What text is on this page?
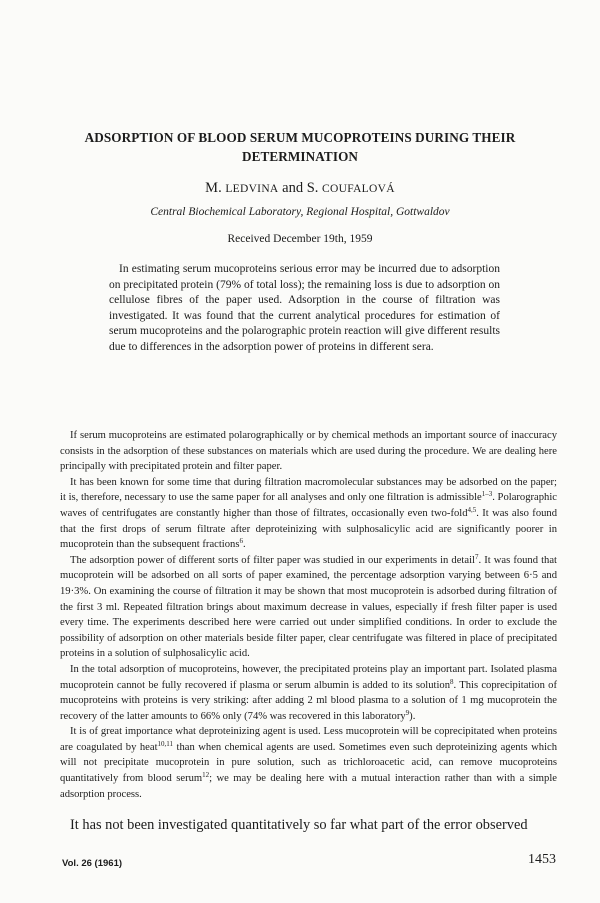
ADSORPTION OF BLOOD SERUM MUCOPROTEINS DURING THEIR DETERMINATION
M. LEDVINA and S. COUFALOVÁ
Central Biochemical Laboratory, Regional Hospital, Gottwaldov
Received December 19th, 1959

In estimating serum mucoproteins serious error may be incurred due to adsorption on precipitated protein (79% of total loss); the remaining loss is due to adsorption on cellulose fibres of the paper used. Adsorption in the course of filtration was investigated. It was found that the current analytical procedures for estimation of serum mucoproteins and the polarographic protein reaction will give different results due to differences in the adsorption power of proteins in different sera.

If serum mucoproteins are estimated polarographically or by chemical methods an important source of inaccuracy consists in the adsorption of these substances on materials which are used during the procedure. We are dealing here principally with precipitated protein and filter paper.

It has been known for some time that during filtration macromolecular substances may be adsorbed on the paper; it is, therefore, necessary to use the same paper for all analyses and only one filtration is admissible$^{1-3}$. Polarographic waves of centrifugates are constantly higher than those of filtrates, occasionally even two-fold$^{4,5}$. It was also found that the first drops of serum filtrate after deproteinizing with sulphosalicylic acid are significantly poorer in mucoprotein than the subsequent fractions$^6$.

The adsorption power of different sorts of filter paper was studied in our experiments in detail$^7$. It was found that mucoprotein will be adsorbed on all sorts of paper examined, the percentage adsorption varying between 6·5 and 19·3%. On examining the course of filtration it may be shown that most mucoprotein is adsorbed during filtration of the first 3 ml. Repeated filtration brings about maximum decrease in values, especially if fresh filter paper is used every time. The experiments described here were carried out under simplified conditions. In order to exclude the possibility of adsorption on other materials beside filter paper, clear centrifugate was filtered in place of precipitated proteins in a solution of sulphosalicylic acid.

In the total adsorption of mucoproteins, however, the precipitated proteins play an important part. Isolated plasma mucoprotein cannot be fully recovered if plasma or serum albumin is added to its solution$^8$. This coprecipitation of mucoproteins with proteins is very striking: after adding 2 ml blood plasma to a solution of 1 mg mucoprotein the recovery of the latter amounts to 66% only (74% was recovered in this laboratory$^9$).

It is of great importance what deproteinizing agent is used. Less mucoprotein will be coprecipitated when proteins are coagulated by heat$^{10,11}$ than when chemical agents are used. Sometimes even such deproteinizing agents which will not precipitate mucoprotein in pure solution, such as trichloroacetic acid, can remove mucoproteins quantitatively from blood serum$^{12}$; we may be dealing here with a mutual interaction rather than with a simple adsorption process.

It has not been investigated quantitatively so far what part of the error observed
Vol. 26 (1961)	1453
